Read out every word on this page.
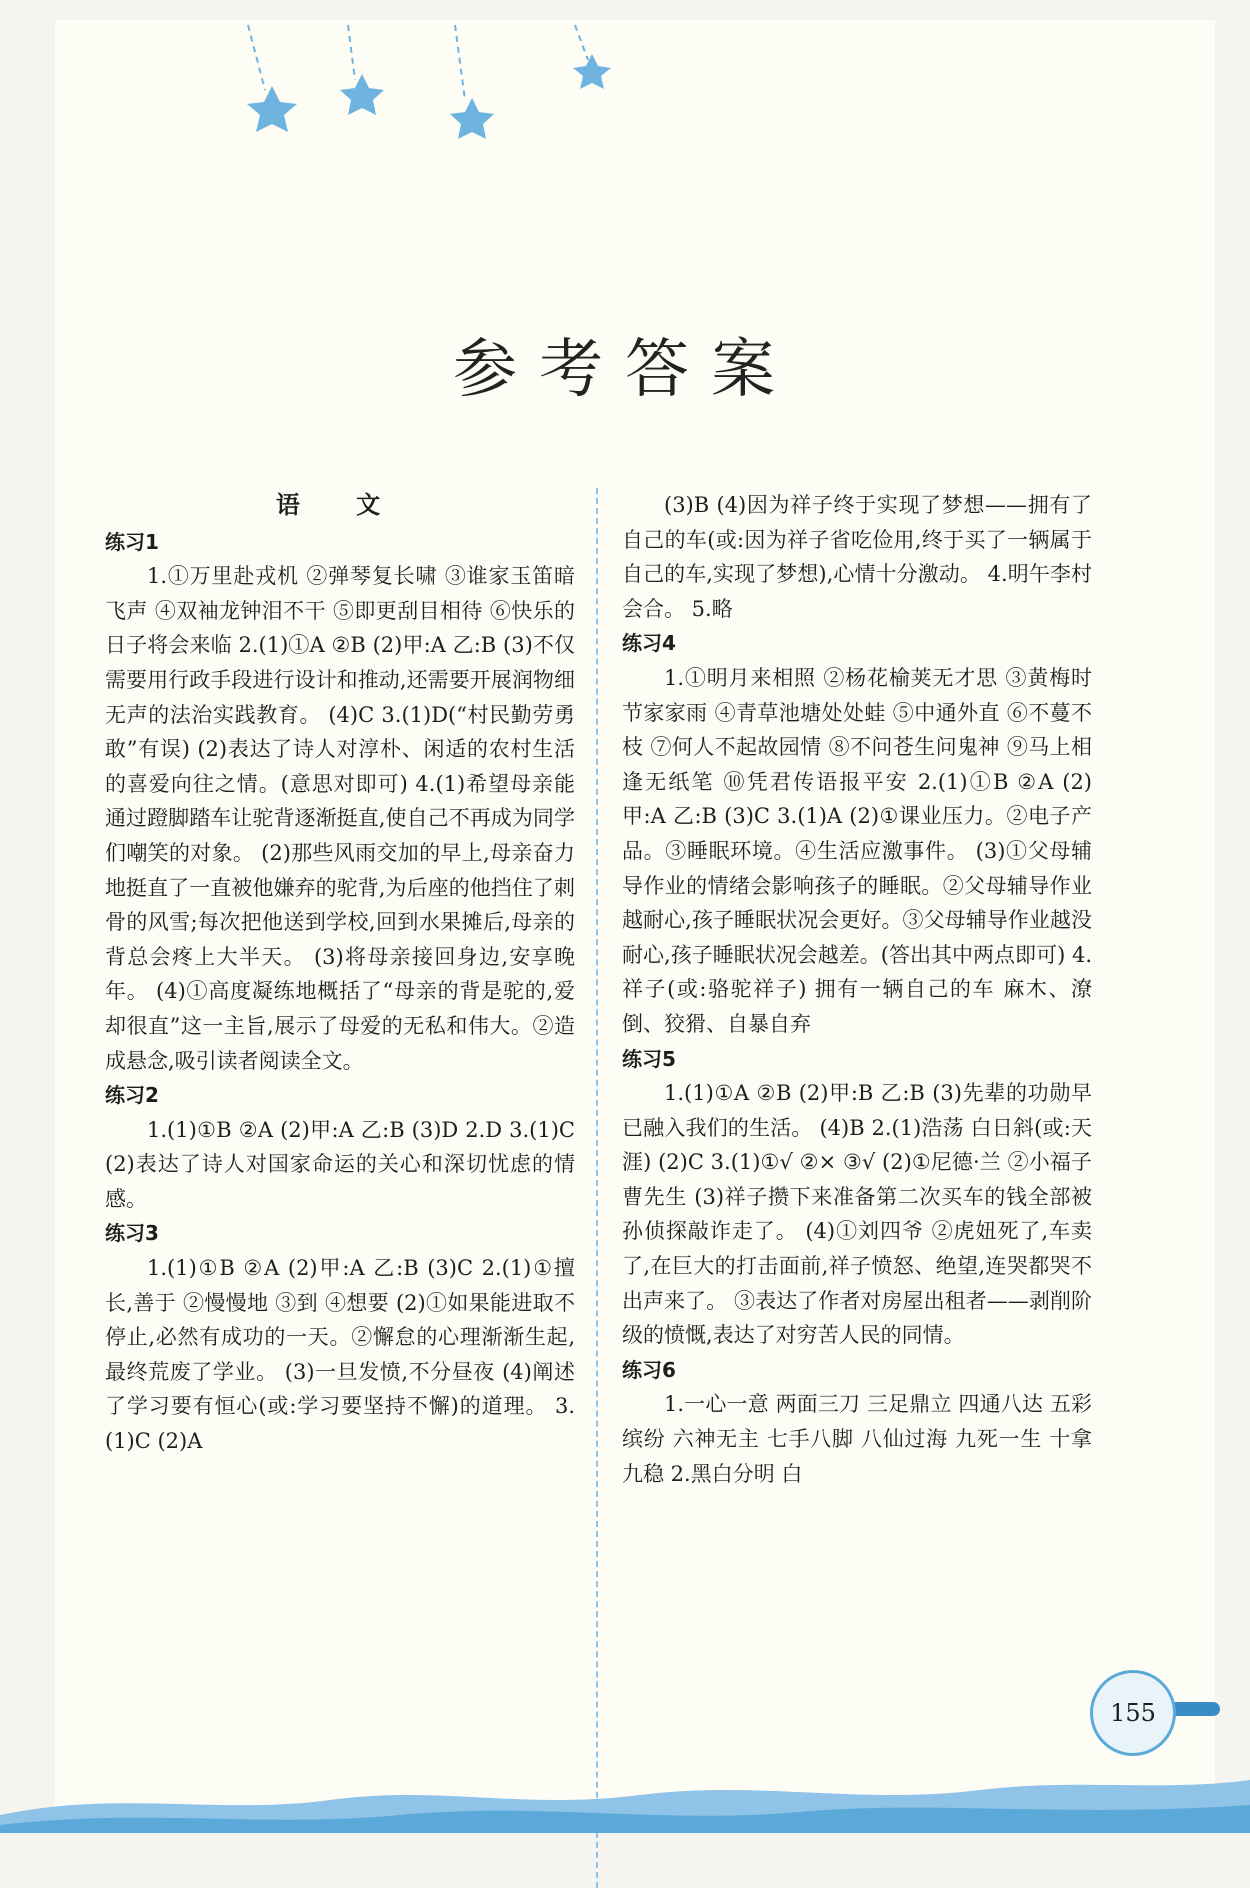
参考答案
语 文
练习1
1.①万里赴戎机 ②弹琴复长啸 ③谁家玉笛暗飞声 ④双袖龙钟泪不干 ⑤即更刮目相待 ⑥快乐的日子将会来临 2.(1)①A ②B (2)甲:A 乙:B (3)不仅需要用行政手段进行设计和推动,还需要开展润物细无声的法治实践教育。 (4)C 3.(1)D(“村民勤劳勇敢”有误) (2)表达了诗人对淳朴、闲适的农村生活的喜爱向往之情。(意思对即可) 4.(1)希望母亲能通过蹬脚踏车让驼背逐渐挺直,使自己不再成为同学们嘲笑的对象。 (2)那些风雨交加的早上,母亲奋力地挺直了一直被他嫌弃的驼背,为后座的他挡住了刺骨的风雪;每次把他送到学校,回到水果摊后,母亲的背总会疼上大半天。 (3)将母亲接回身边,安享晚年。 (4)①高度凝练地概括了“母亲的背是驼的,爱却很直”这一主旨,展示了母爱的无私和伟大。②造成悬念,吸引读者阅读全文。
练习2
1.(1)①B ②A (2)甲:A 乙:B (3)D 2.D 3.(1)C (2)表达了诗人对国家命运的关心和深切忧虑的情感。
练习3
1.(1)①B ②A (2)甲:A 乙:B (3)C 2.(1)①擅长,善于 ②慢慢地 ③到 ④想要 (2)①如果能进取不停止,必然有成功的一天。②懈怠的心理渐渐生起,最终荒废了学业。 (3)一旦发愤,不分昼夜 (4)阐述了学习要有恒心(或:学习要坚持不懈)的道理。 3.(1)C (2)A
(3)B (4)因为祥子终于实现了梦想——拥有了自己的车(或:因为祥子省吃俭用,终于买了一辆属于自己的车,实现了梦想),心情十分激动。 4.明午李村会合。 5.略
练习4
1.①明月来相照 ②杨花榆荚无才思 ③黄梅时节家家雨 ④青草池塘处处蛙 ⑤中通外直 ⑥不蔓不枝 ⑦何人不起故园情 ⑧不问苍生问鬼神 ⑨马上相逢无纸笔 ⑩凭君传语报平安 2.(1)①B ②A (2)甲:A 乙:B (3)C 3.(1)A (2)①课业压力。②电子产品。③睡眠环境。④生活应激事件。 (3)①父母辅导作业的情绪会影响孩子的睡眠。②父母辅导作业越耐心,孩子睡眠状况会更好。③父母辅导作业越没耐心,孩子睡眠状况会越差。(答出其中两点即可) 4.祥子(或:骆驼祥子) 拥有一辆自己的车 麻木、潦倒、狡猾、自暴自弃
练习5
1.(1)①A ②B (2)甲:B 乙:B (3)先辈的功勋早已融入我们的生活。 (4)B 2.(1)浩荡 白日斜(或:天涯) (2)C 3.(1)①√ ②× ③√ (2)①尼德·兰 ②小福子 曹先生 (3)祥子攒下来准备第二次买车的钱全部被孙侦探敲诈走了。 (4)①刘四爷 ②虎妞死了,车卖了,在巨大的打击面前,祥子愤怒、绝望,连哭都哭不出声来了。 ③表达了作者对房屋出租者——剥削阶级的愤慨,表达了对穷苦人民的同情。
练习6
1.一心一意 两面三刀 三足鼎立 四通八达 五彩缤纷 六神无主 七手八脚 八仙过海 九死一生 十拿九稳 2.黑白分明 白
155
